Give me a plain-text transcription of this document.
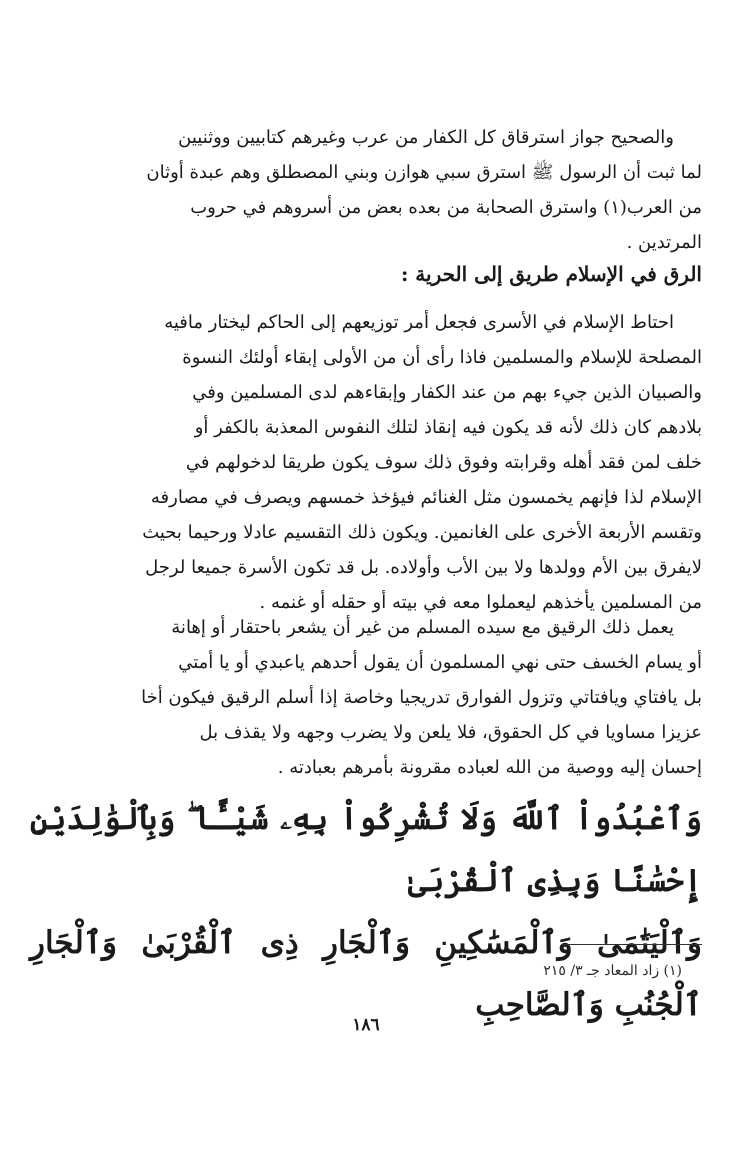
والصحيح جواز استرقاق كل الكفار من عرب وغيرهم كتابيين ووثنيين

لما ثبت أن الرسول ﷺ استرق سبي هوازن وبني المصطلق وهم عبدة أوثان

من العرب(١) واسترق الصحابة من بعده بعض من أسروهم في حروب

المرتدين .

الرق في الإسلام طريق إلى الحرية :

احتاط الإسلام في الأسرى فجعل أمر توزيعهم إلى الحاكم ليختار مافيه

المصلحة للإسلام والمسلمين فاذا رأى أن من الأولى إبقاء أولئك النسوة

والصبيان الذين جيء بهم من عند الكفار وإبقاءهم لدى المسلمين وفي

بلادهم كان ذلك لأنه قد يكون فيه إنقاذ لتلك النفوس المعذبة بالكفر أو

خلف لمن فقد أهله وقرابته وفوق ذلك سوف يكون طريقا لدخولهم في

الإسلام لذا فإنهم يخمسون مثل الغنائم فيؤخذ خمسهم ويصرف في مصارفه

وتقسم الأربعة الأخرى على الغانمين. ويكون ذلك التقسيم عادلا ورحيما بحيث

لايفرق بين الأم وولدها ولا بين الأب وأولاده. بل قد تكون الأسرة جميعا لرجل

من المسلمين يأخذهم ليعملوا معه في بيته أو حقله أو غنمه .

يعمل ذلك الرقيق مع سيده المسلم من غير أن يشعر باحتقار أو إهانة

أو يسام الخسف حتى نهي المسلمون أن يقول أحدهم ياعبدي أو يا أمتي

بل يافتاي ويافتاتي وتزول الفوارق تدريجيا وخاصة إذا أسلم الرقيق فيكون أخا

عزيزا مساويا في كل الحقوق، فلا يلعن ولا يضرب وجهه ولا يقذف بل

إحسان إليه ووصية من الله لعباده مقرونة بأمرهم بعبادته .

وَٱعْبُدُواْ ٱللَّهَ وَلَا تُشْرِكُواْ بِهِۦ شَيْـًٔا ۖ وَبِٱلْوَٰلِدَيْنِ إِحْسَٰنًا وَبِذِى ٱلْقُرْبَىٰ

وَٱلْيَتَٰمَىٰ وَٱلْمَسَٰكِينِ وَٱلْجَارِ ذِى ٱلْقُرْبَىٰ وَٱلْجَارِ ٱلْجُنُبِ وَٱلصَّاحِبِ

(١) زاد المعاد جـ ٣/ ٢١٥
١٨٦
